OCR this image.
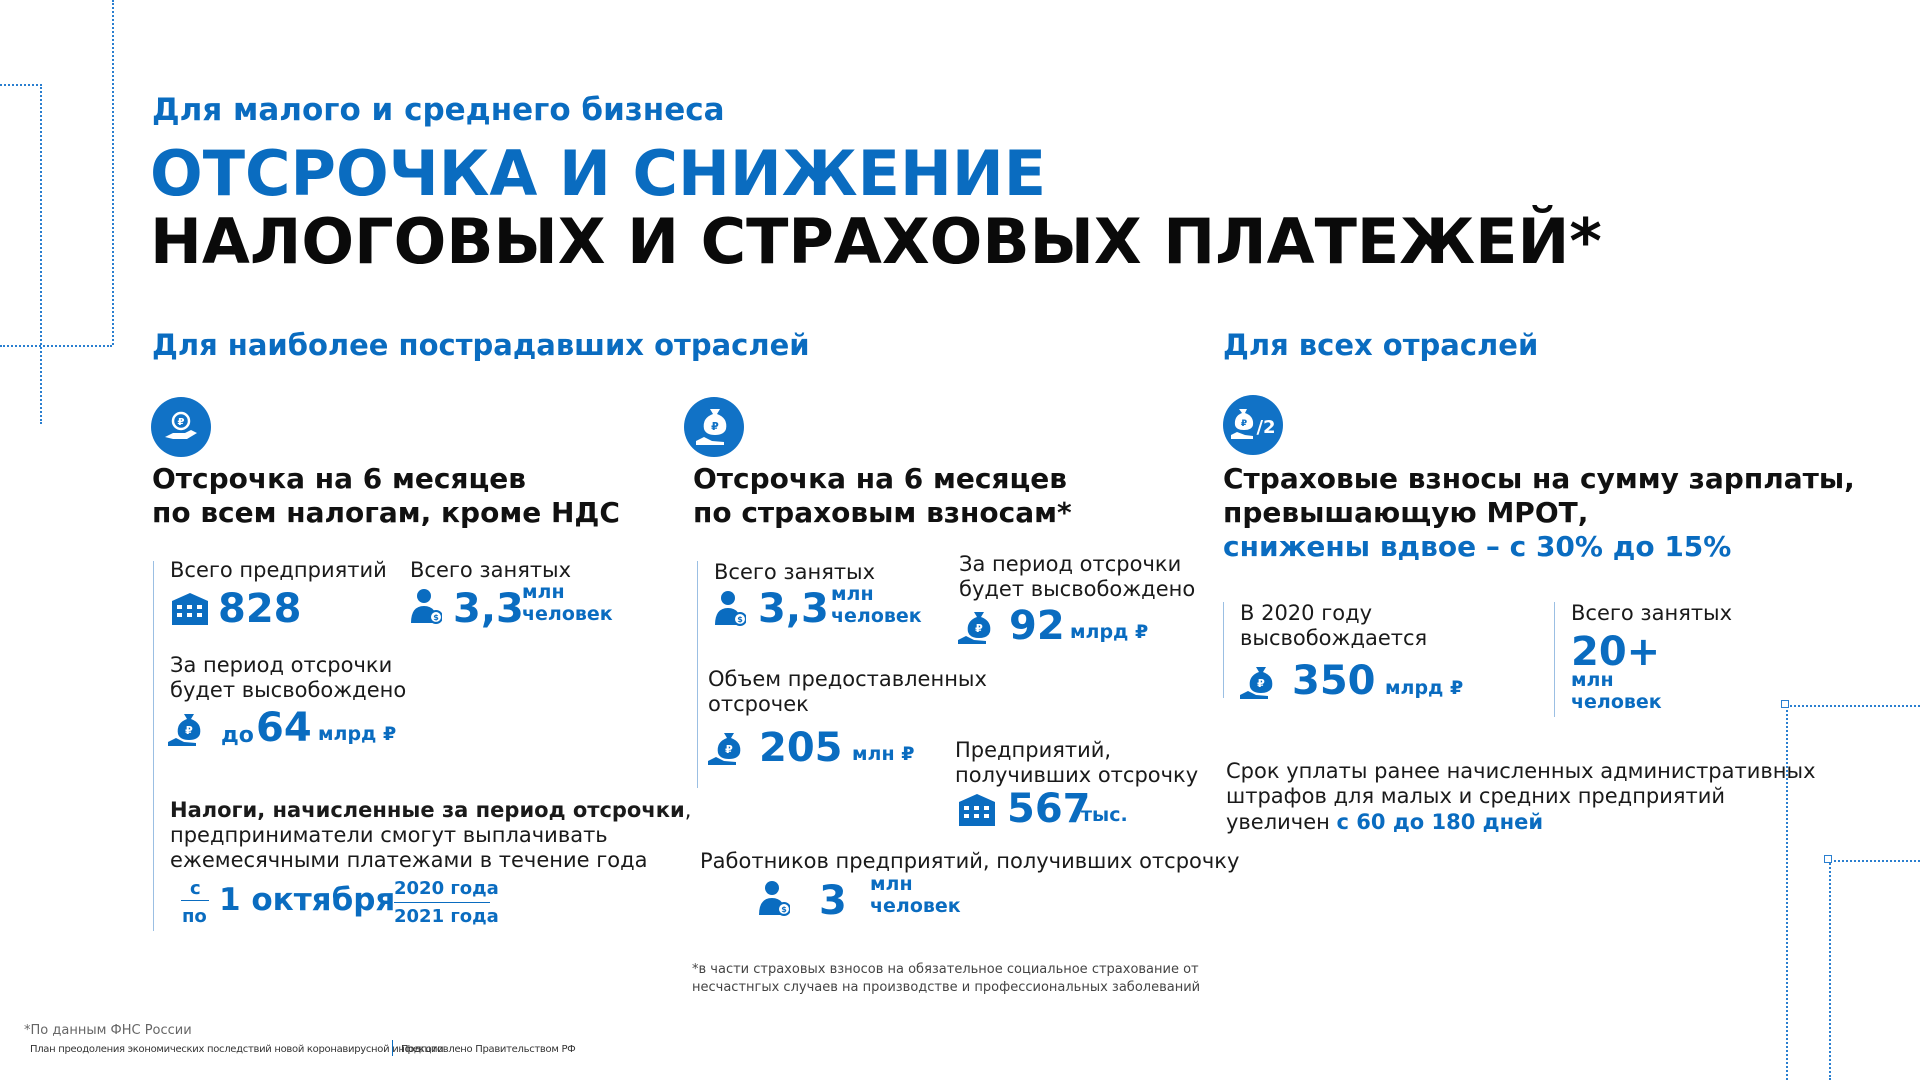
Для малого и среднего бизнеса
ОТСРОЧКА И СНИЖЕНИЕ
НАЛОГОВЫХ И СТРАХОВЫХ ПЛАТЕЖЕЙ*
Для наиболее пострадавших отраслей	Для всех отраслей
₽
Отсрочка на 6 месяцев
по всем налогам, кроме НДС
Всего предприятий
828
Всего занятых
$ 3,3
млн
человек
За период отсрочки
будет высвобождено
₽ до 64 млрд ₽
Налоги, начисленные за период отсрочки,
предприниматели смогут выплачивать
ежемесячными платежами в течение года
с
по 1 октября
2020 года
2021 года
₽
Отсрочка на 6 месяцев
по страховым взносам*
Всего занятых
$ 3,3 млн
человек
За период отсрочки
будет высвобождено
₽ 92 млрд ₽
Объем предоставленных
отсрочек
₽ 205 млн ₽ Предприятий,
получивших отсрочку
567
тыс.
Работников предприятий, получивших отсрочку
$ 3 млн
человек
*в части страховых взносов на обязательное социальное страхование от
несчастнгых случаев на производстве и профессиональных заболеваний
₽ /2
Страховые взносы на сумму зарплаты,
превышающую МРОТ,
снижены вдвое – с 30% до 15%
В 2020 году
высвобождается
₽ 350 млрд ₽
Всего занятых
20+
млн
человек
Срок уплаты ранее начисленных административных
штрафов для малых и средних предприятий
увеличен с 60 до 180 дней
*По данным ФНС России
План преодоления экономических последствий новой коронавирусной инфекции
Подготовлено Правительством РФ
